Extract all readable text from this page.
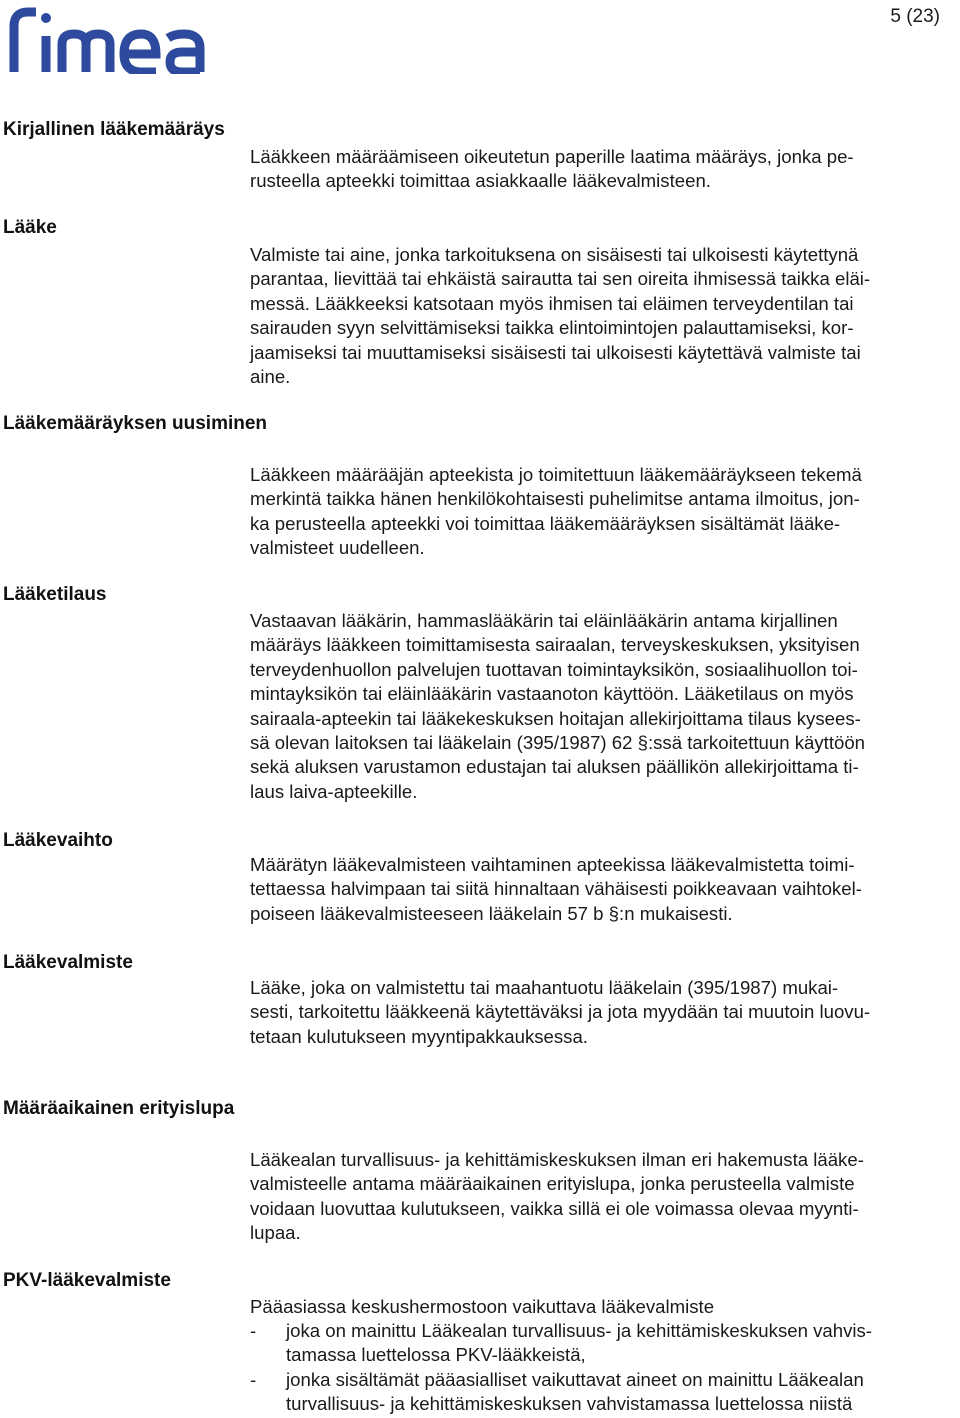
5 (23)
Kirjallinen lääkemääräys

Lääkkeen määräämiseen oikeutetun paperille laatima määräys, jonka pe-
rusteella apteekki toimittaa asiakkaalle lääkevalmisteen.

Lääke

Valmiste tai aine, jonka tarkoituksena on sisäisesti tai ulkoisesti käytettynä
parantaa, lievittää tai ehkäistä sairautta tai sen oireita ihmisessä taikka eläi-
messä. Lääkkeeksi katsotaan myös ihmisen tai eläimen terveydentilan tai
sairauden syyn selvittämiseksi taikka elintoimintojen palauttamiseksi, kor-
jaamiseksi tai muuttamiseksi sisäisesti tai ulkoisesti käytettävä valmiste tai
aine.

Lääkemääräyksen uusiminen

Lääkkeen määrääjän apteekista jo toimitettuun lääkemääräykseen tekemä
merkintä taikka hänen henkilökohtaisesti puhelimitse antama ilmoitus, jon-
ka perusteella apteekki voi toimittaa lääkemääräyksen sisältämät lääke-
valmisteet uudelleen.

Lääketilaus

Vastaavan lääkärin, hammaslääkärin tai eläinlääkärin antama kirjallinen
määräys lääkkeen toimittamisesta sairaalan, terveyskeskuksen, yksityisen
terveydenhuollon palvelujen tuottavan toimintayksikön, sosiaalihuollon toi-
mintayksikön tai eläinlääkärin vastaanoton käyttöön. Lääketilaus on myös
sairaala-apteekin tai lääkekeskuksen hoitajan allekirjoittama tilaus kysees-
sä olevan laitoksen tai lääkelain (395/1987) 62 §:ssä tarkoitettuun käyttöön
sekä aluksen varustamon edustajan tai aluksen päällikön allekirjoittama ti-
laus laiva-apteekille.

Lääkevaihto

Määrätyn lääkevalmisteen vaihtaminen apteekissa lääkevalmistetta toimi-
tettaessa halvimpaan tai siitä hinnaltaan vähäisesti poikkeavaan vaihtokel-
poiseen lääkevalmisteeseen lääkelain 57 b §:n mukaisesti.

Lääkevalmiste

Lääke, joka on valmistettu tai maahantuotu lääkelain (395/1987) mukai-
sesti, tarkoitettu lääkkeenä käytettäväksi ja jota myydään tai muutoin luovu-
tetaan kulutukseen myyntipakkauksessa.

Määräaikainen erityislupa

Lääkealan turvallisuus- ja kehittämiskeskuksen ilman eri hakemusta lääke-
valmisteelle antama määräaikainen erityislupa, jonka perusteella valmiste
voidaan luovuttaa kulutukseen, vaikka sillä ei ole voimassa olevaa myyntі-
lupaa.

PKV-lääkevalmiste

Pääasiassa keskushermostoon vaikuttava lääkevalmiste

-	joka on mainittu Lääkealan turvallisuus- ja kehittämiskeskuksen vahvis-
tamassa luettelossa PKV-lääkkeistä,
-	jonka sisältämät pääasialliset vaikuttavat aineet on mainittu Lääkealan
turvallisuus- ja kehittämiskeskuksen vahvistamassa luettelossa niistä
